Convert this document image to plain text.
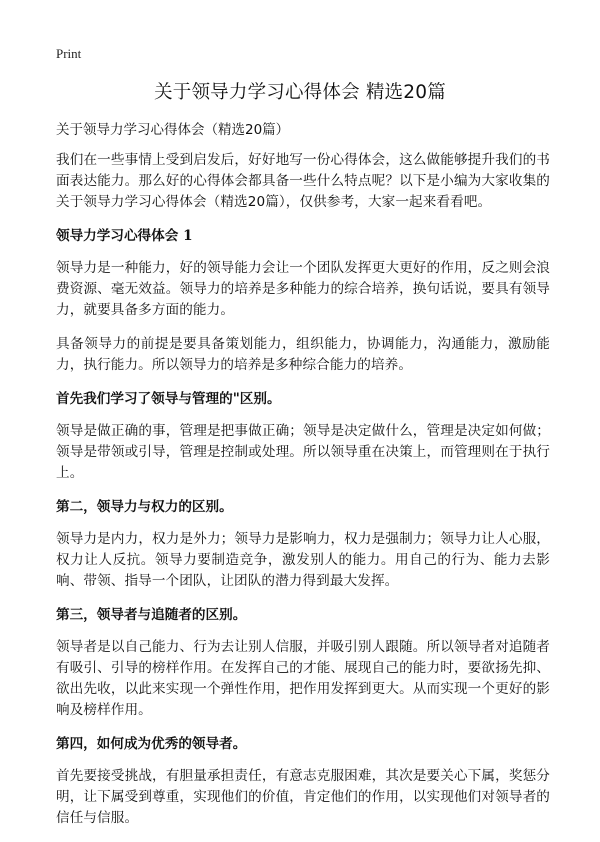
Print
关于领导力学习心得体会 精选20篇
关于领导力学习心得体会（精选20篇）

我们在一些事情上受到启发后，好好地写一份心得体会，这么做能够提升我们的书面表达能力。那么好的心得体会都具备一些什么特点呢？以下是小编为大家收集的关于领导力学习心得体会（精选20篇），仅供参考，大家一起来看看吧。

领导力学习心得体会 1

领导力是一种能力，好的领导能力会让一个团队发挥更大更好的作用，反之则会浪费资源、毫无效益。领导力的培养是多种能力的综合培养，换句话说，要具有领导力，就要具备多方面的能力。

具备领导力的前提是要具备策划能力，组织能力，协调能力，沟通能力，激励能力，执行能力。所以领导力的培养是多种综合能力的培养。

首先我们学习了领导与管理的"区别。

领导是做正确的事，管理是把事做正确；领导是决定做什么，管理是决定如何做；领导是带领或引导，管理是控制或处理。所以领导重在决策上，而管理则在于执行上。

第二，领导力与权力的区别。

领导力是内力，权力是外力；领导力是影响力，权力是强制力；领导力让人心服，权力让人反抗。领导力要制造竞争，激发别人的能力。用自己的行为、能力去影响、带领、指导一个团队，让团队的潜力得到最大发挥。

第三，领导者与追随者的区别。

领导者是以自己能力、行为去让别人信服，并吸引别人跟随。所以领导者对追随者有吸引、引导的榜样作用。在发挥自己的才能、展现自己的能力时，要欲扬先抑、欲出先收，以此来实现一个弹性作用，把作用发挥到更大。从而实现一个更好的影响及榜样作用。

第四，如何成为优秀的领导者。

首先要接受挑战，有胆量承担责任，有意志克服困难，其次是要关心下属，奖惩分明，让下属受到尊重，实现他们的价值，肯定他们的作用，以实现他们对领导者的信任与信服。
